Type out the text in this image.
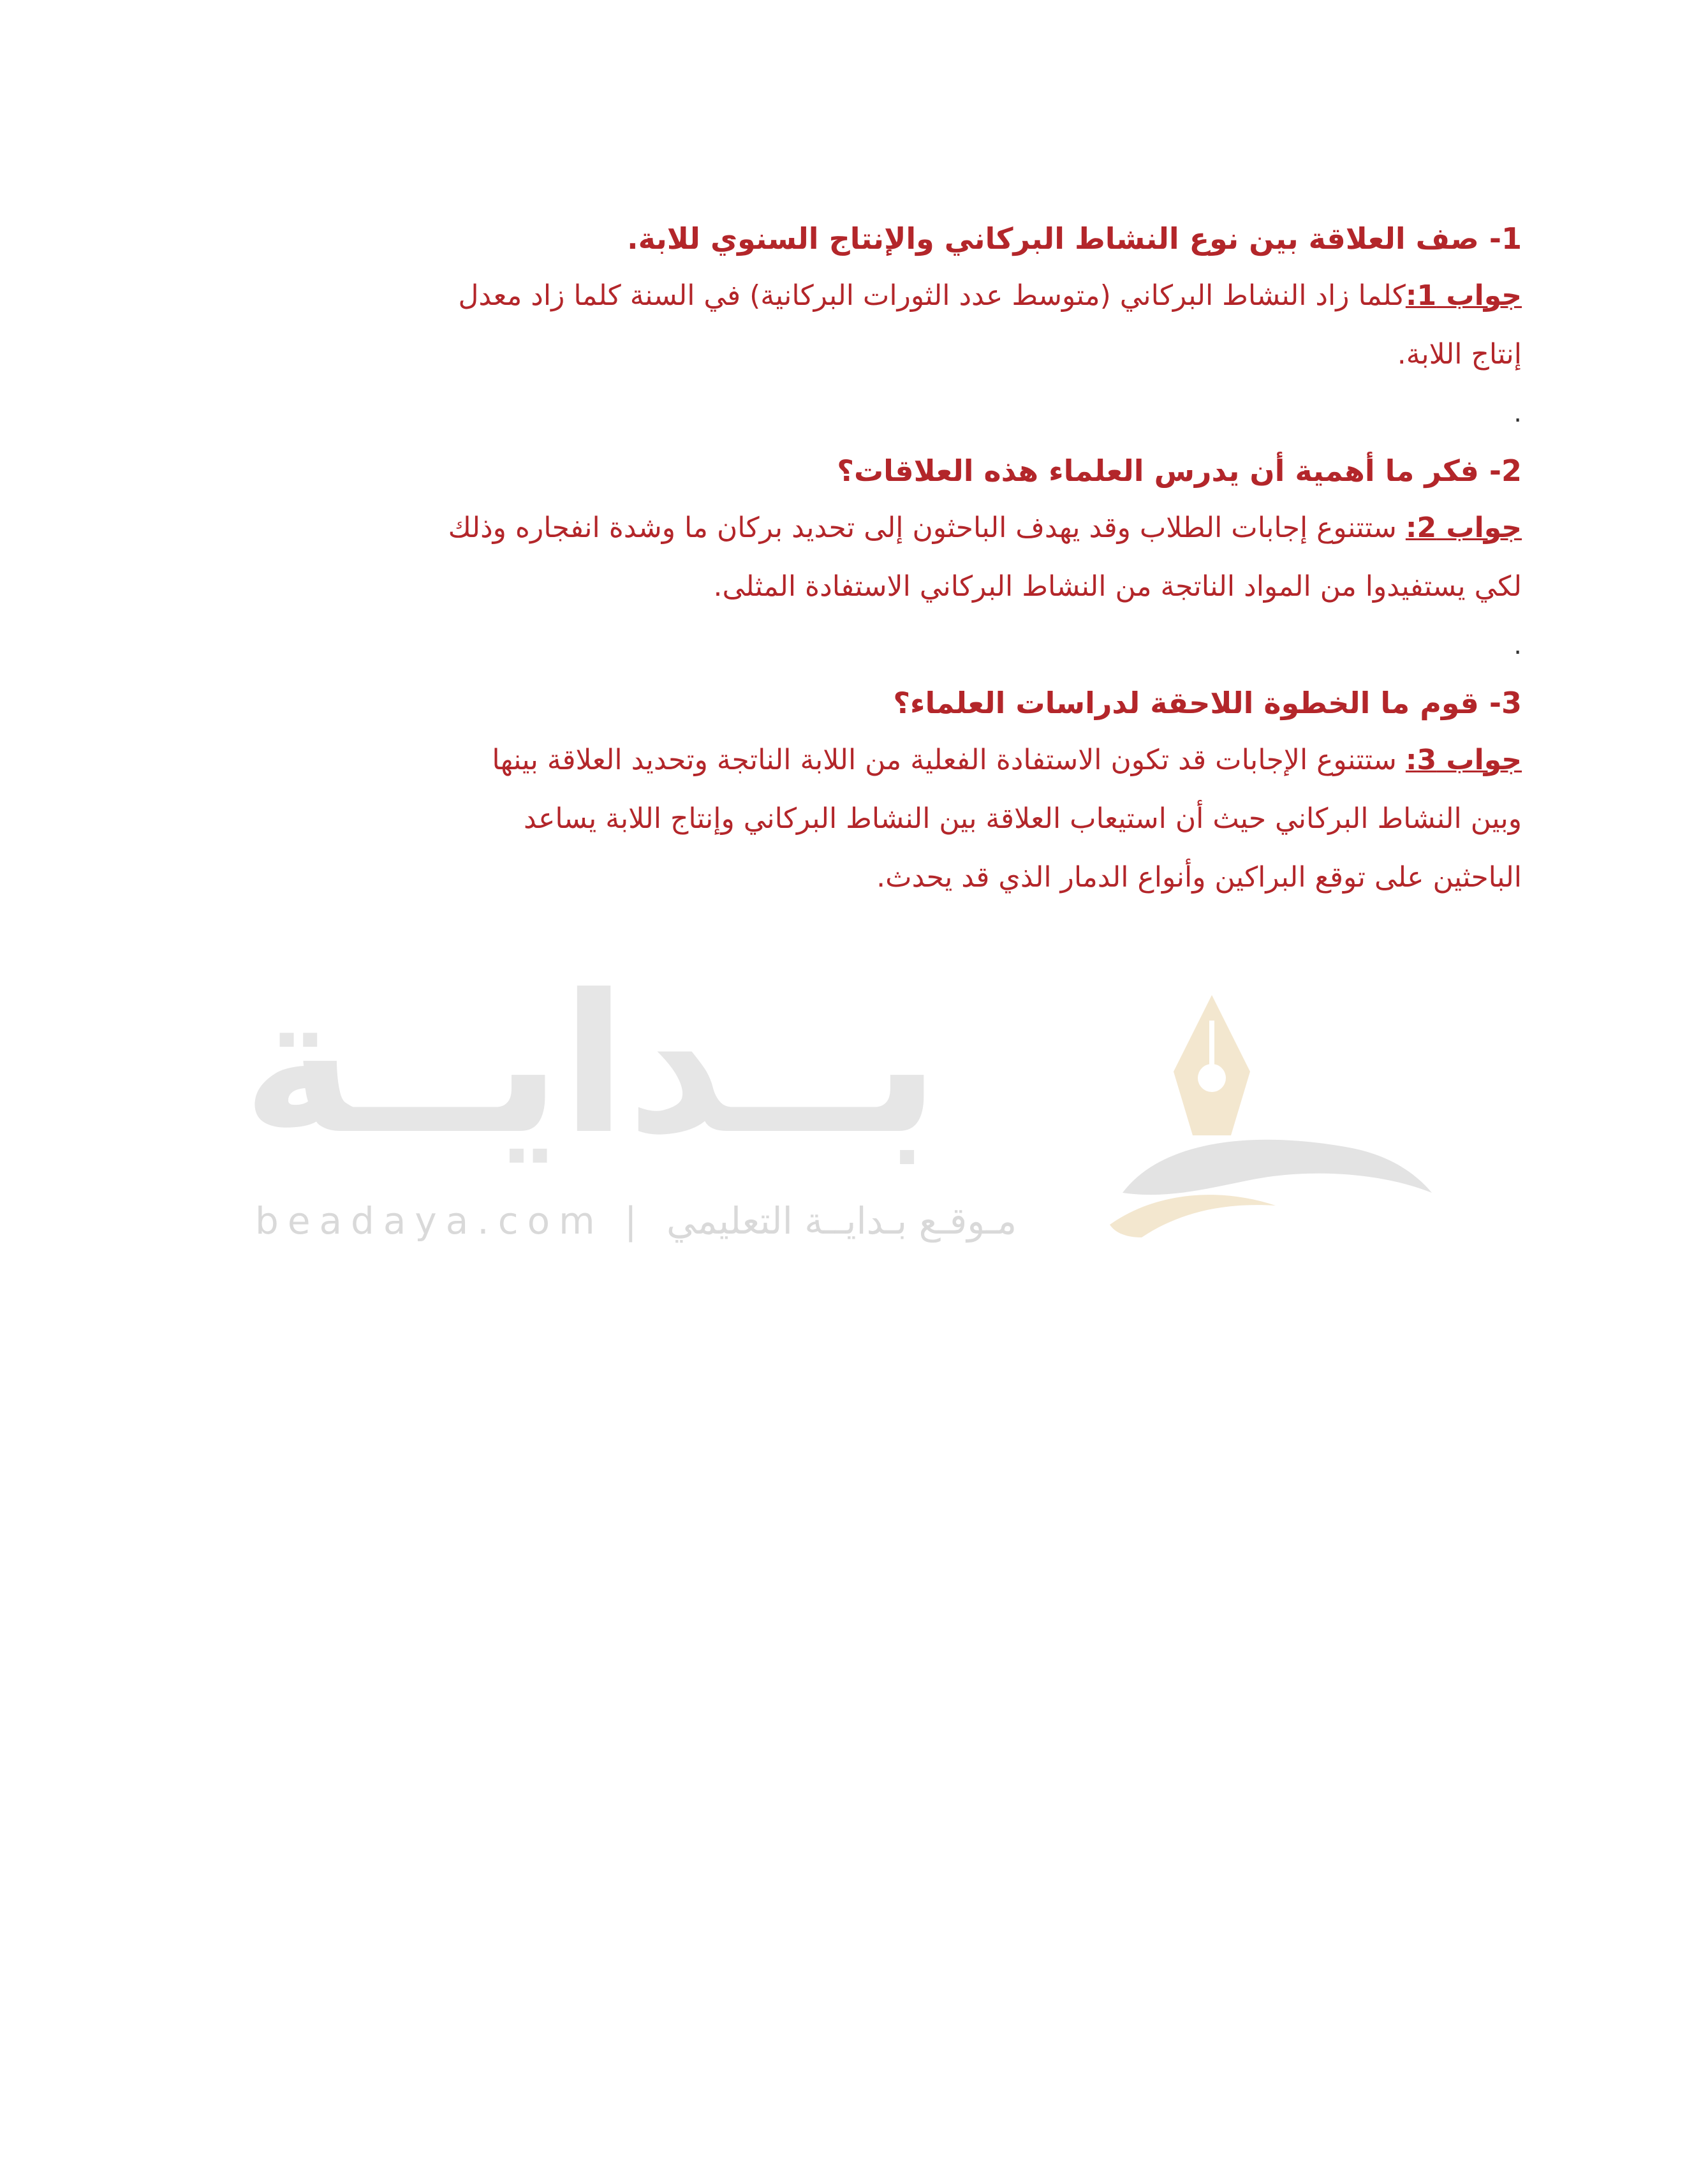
1- صف العلاقة بين نوع النشاط البركاني والإنتاج السنوي للابة.

جواب 1:كلما زاد النشاط البركاني (متوسط عدد الثورات البركانية) في السنة كلما زاد معدل

إنتاج اللابة.

.

2- فكر ما أهمية أن يدرس العلماء هذه العلاقات؟

جواب 2: ستتنوع إجابات الطلاب وقد يهدف الباحثون إلى تحديد بركان ما وشدة انفجاره وذلك

لكي يستفيدوا من المواد الناتجة من النشاط البركاني الاستفادة المثلى.

.

3- قوم ما الخطوة اللاحقة لدراسات العلماء؟

جواب 3: ستتنوع الإجابات قد تكون الاستفادة الفعلية من اللابة الناتجة وتحديد العلاقة بينها

وبين النشاط البركاني حيث أن استيعاب العلاقة بين النشاط البركاني وإنتاج اللابة يساعد

الباحثين على توقع البراكين وأنواع الدمار الذي قد يحدث.

بــدايــة
beadaya.com | مـوقـع بـدايــة التعليمي
